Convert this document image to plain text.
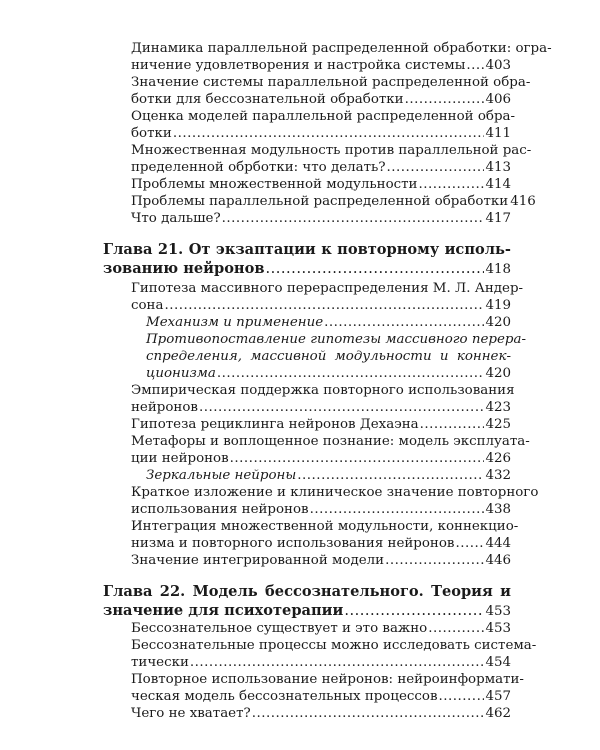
Динамика параллельной распределенной обработки: огра-
ничение удовлетворения и настройка системы ..... 403
Значение системы параллельной распределенной обра-
ботки для бессознательной обработки .....	406
Оценка моделей параллельной распределенной обра-
ботки .....	411
Множественная модульность против параллельной рас-
пределенной обрботки: что делать? .....	413
Проблемы множественной модульности .....	414
Проблемы параллельной распределенной обработки 416
Что дальше? .....	417
Глава 21. От экзаптации к повторному исполь-
зованию нейронов .....	418
Гипотеза массивного перераспределения М. Л. Андер-
сона .....	419
Механизм и применение .....	420
Противопоставление гипотезы массивного перера-
спределения, массивной модульности и коннек-
ционизма .....	420
Эмпирическая поддержка повторного использования
нейронов .....	423
Гипотеза рециклинга нейронов Дехаэна .....	425
Метафоры и воплощенное познание: модель эксплуата-
ции нейронов .....	426
Зеркальные нейроны .....	432
Краткое изложение и клиническое значение повторного
использования нейронов .....	438
Интеграция множественной модульности, коннекцио-
низма и повторного использования нейронов ..... 444
Значение интегрированной модели .....	446
Глава 22. Модель бессознательного. Теория и
значение для психотерапии .....	453
Бессознательное существует и это важно .....	453
Бессознательные процессы можно исследовать система-
тически .....	454
Повторное использование нейронов: нейроинформати-
ческая модель бессознательных процессов .....	457
Чего не хватает? .....	462
